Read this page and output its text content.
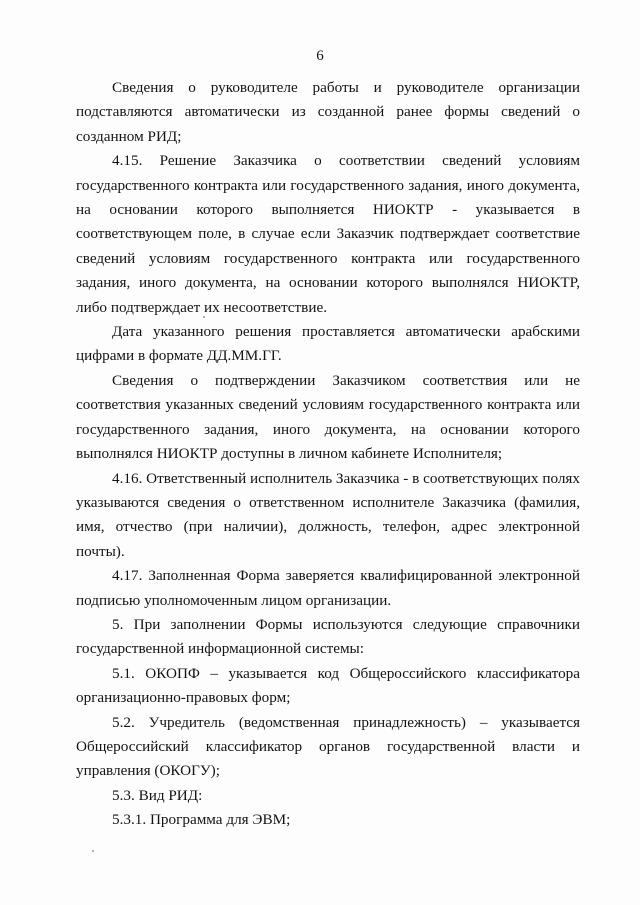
6

Сведения о руководителе работы и руководителе организации подставляются автоматически из созданной ранее формы сведений о созданном РИД;

4.15. Решение Заказчика о соответствии сведений условиям государственного контракта или государственного задания, иного документа, на основании которого выполняется НИОКТР - указывается в соответствующем поле, в случае если Заказчик подтверждает соответствие сведений условиям государственного контракта или государственного задания, иного документа, на основании которого выполнялся НИОКТР, либо подтверждает их несоответствие.

Дата указанного решения проставляется автоматически арабскими цифрами в формате ДД.ММ.ГГ.

Сведения о подтверждении Заказчиком соответствия или не соответствия указанных сведений условиям государственного контракта или государственного задания, иного документа, на основании которого выполнялся НИОКТР доступны в личном кабинете Исполнителя;

4.16. Ответственный исполнитель Заказчика - в соответствующих полях указываются сведения о ответственном исполнителе Заказчика (фамилия, имя, отчество (при наличии), должность, телефон, адрес электронной почты).

4.17. Заполненная Форма заверяется квалифицированной электронной подписью уполномоченным лицом организации.

5. При заполнении Формы используются следующие справочники государственной информационной системы:

5.1. ОКОПФ – указывается код Общероссийского классификатора организационно-правовых форм;

5.2. Учредитель (ведомственная принадлежность) – указывается Общероссийский классификатор органов государственной власти и управления (ОКОГУ);

5.3. Вид РИД:

5.3.1. Программа для ЭВМ;
